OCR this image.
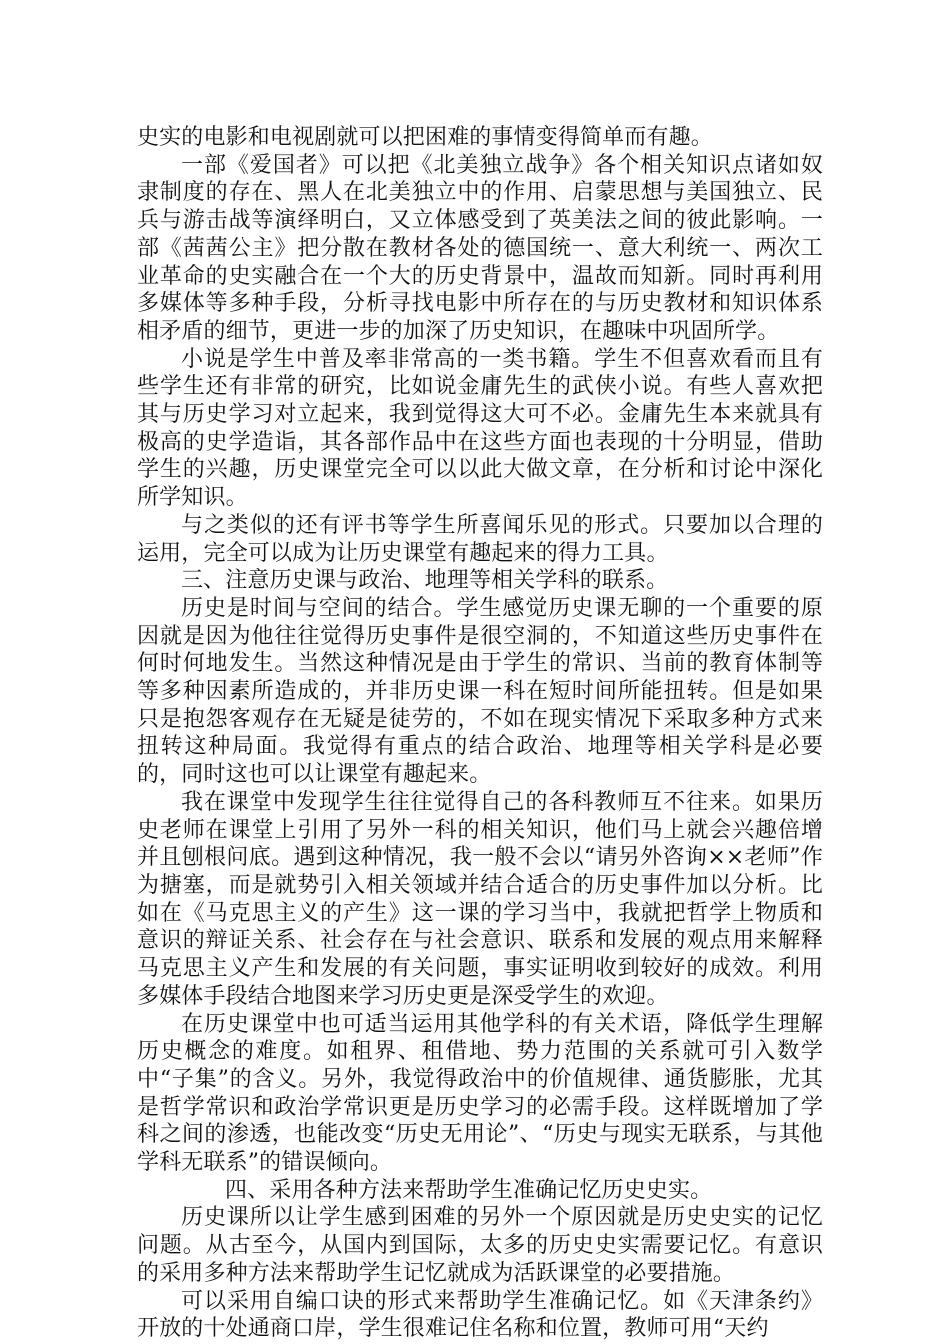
史实的电影和电视剧就可以把困难的事情变得简单而有趣。

一部《爱国者》可以把《北美独立战争》各个相关知识点诸如奴隶制度的存在、黑人在北美独立中的作用、启蒙思想与美国独立、民兵与游击战等演绎明白，又立体感受到了英美法之间的彼此影响。一部《茜茜公主》把分散在教材各处的德国统一、意大利统一、两次工业革命的史实融合在一个大的历史背景中，温故而知新。同时再利用多媒体等多种手段，分析寻找电影中所存在的与历史教材和知识体系相矛盾的细节，更进一步的加深了历史知识，在趣味中巩固所学。

小说是学生中普及率非常高的一类书籍。学生不但喜欢看而且有些学生还有非常的研究，比如说金庸先生的武侠小说。有些人喜欢把其与历史学习对立起来，我到觉得这大可不必。金庸先生本来就具有极高的史学造诣，其各部作品中在这些方面也表现的十分明显，借助学生的兴趣，历史课堂完全可以以此大做文章，在分析和讨论中深化所学知识。

与之类似的还有评书等学生所喜闻乐见的形式。只要加以合理的运用，完全可以成为让历史课堂有趣起来的得力工具。

三、注意历史课与政治、地理等相关学科的联系。

历史是时间与空间的结合。学生感觉历史课无聊的一个重要的原因就是因为他往往觉得历史事件是很空洞的，不知道这些历史事件在何时何地发生。当然这种情况是由于学生的常识、当前的教育体制等等多种因素所造成的，并非历史课一科在短时间所能扭转。但是如果只是抱怨客观存在无疑是徒劳的，不如在现实情况下采取多种方式来扭转这种局面。我觉得有重点的结合政治、地理等相关学科是必要的，同时这也可以让课堂有趣起来。

我在课堂中发现学生往往觉得自己的各科教师互不往来。如果历史老师在课堂上引用了另外一科的相关知识，他们马上就会兴趣倍增并且刨根问底。遇到这种情况，我一般不会以“请另外咨询××老师”作为搪塞，而是就势引入相关领域并结合适合的历史事件加以分析。比如在《马克思主义的产生》这一课的学习当中，我就把哲学上物质和意识的辩证关系、社会存在与社会意识、联系和发展的观点用来解释马克思主义产生和发展的有关问题，事实证明收到较好的成效。利用多媒体手段结合地图来学习历史更是深受学生的欢迎。

在历史课堂中也可适当运用其他学科的有关术语，降低学生理解历史概念的难度。如租界、租借地、势力范围的关系就可引入数学中“子集”的含义。另外，我觉得政治中的价值规律、通货膨胀，尤其是哲学常识和政治学常识更是历史学习的必需手段。这样既增加了学科之间的渗透，也能改变“历史无用论”、“历史与现实无联系，与其他学科无联系”的错误倾向。

四、采用各种方法来帮助学生准确记忆历史史实。

历史课所以让学生感到困难的另外一个原因就是历史史实的记忆问题。从古至今，从国内到国际，太多的历史史实需要记忆。有意识的采用多种方法来帮助学生记忆就成为活跃课堂的必要措施。

可以采用自编口诀的形式来帮助学生准确记忆。如《天津条约》开放的十处通商口岸，学生很难记住名称和位置，教师可用“天约
